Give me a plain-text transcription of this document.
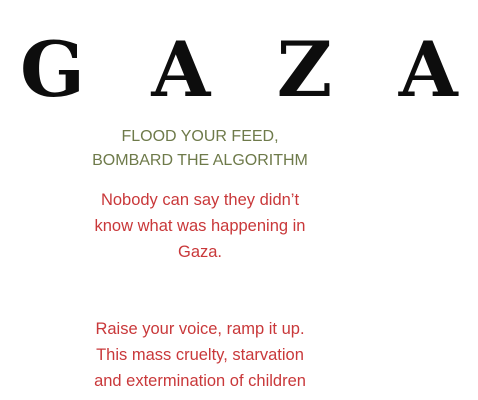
G A Z A
FLOOD YOUR FEED,
BOMBARD THE ALGORITHM
Nobody can say they didn’t
know what was happening in
Gaza.
Raise your voice, ramp it up.
This mass cruelty, starvation
and extermination of children
